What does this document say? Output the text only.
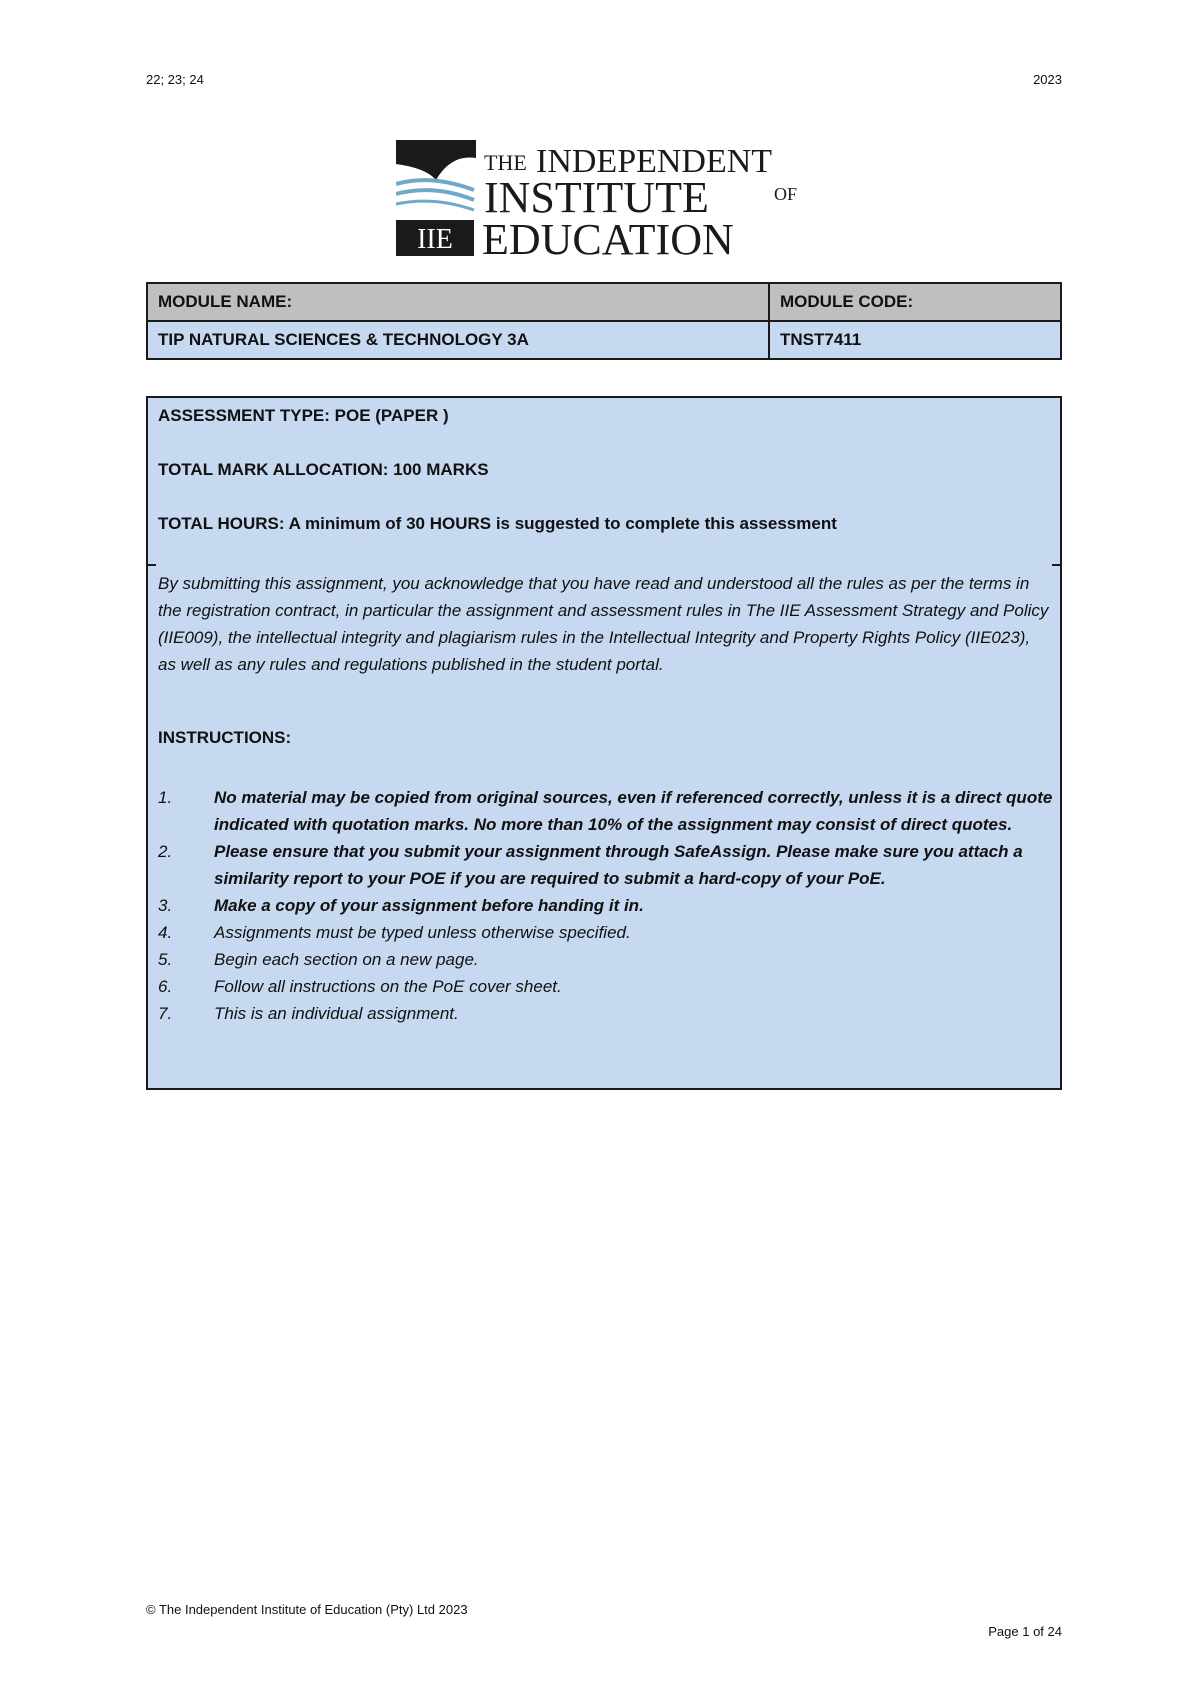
22; 23; 24	2023
IIE
THE INDEPENDENT
INSTITUTE	OF
EDUCATION
MODULE NAME:	MODULE CODE:
TIP NATURAL SCIENCES & TECHNOLOGY 3A	TNST7411
ASSESSMENT TYPE: POE (PAPER )
TOTAL MARK ALLOCATION: 100 MARKS
TOTAL HOURS: A minimum of 30 HOURS is suggested to complete this assessment
By submitting this assignment, you acknowledge that you have read and understood all the rules as per the terms in the registration contract, in particular the assignment and assessment rules in The IIE Assessment Strategy and Policy (IIE009), the intellectual integrity and plagiarism rules in the Intellectual Integrity and Property Rights Policy (IIE023), as well as any rules and regulations published in the student portal.
INSTRUCTIONS:
1. No material may be copied from original sources, even if referenced correctly, unless it is a direct quote indicated with quotation marks. No more than 10% of the assignment may consist of direct quotes.
2. Please ensure that you submit your assignment through SafeAssign. Please make sure you attach a similarity report to your POE if you are required to submit a hard-copy of your PoE.
3. Make a copy of your assignment before handing it in.
4. Assignments must be typed unless otherwise specified.
5. Begin each section on a new page.
6. Follow all instructions on the PoE cover sheet.
7. This is an individual assignment.
© The Independent Institute of Education (Pty) Ltd 2023
Page 1 of 24
